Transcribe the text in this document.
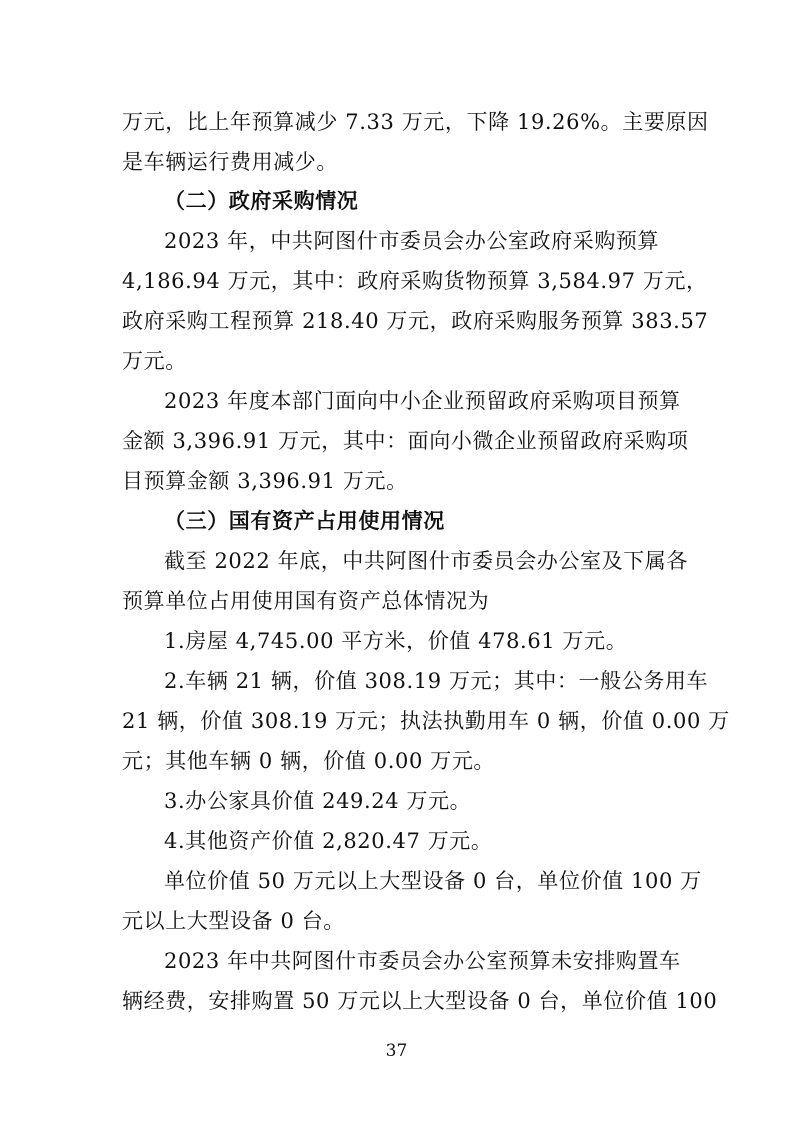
万元，比上年预算减少 7.33 万元，下降 19.26%。主要原因
是车辆运行费用减少。
（二）政府采购情况
2023 年，中共阿图什市委员会办公室政府采购预算
4,186.94 万元，其中：政府采购货物预算 3,584.97 万元，
政府采购工程预算 218.40 万元，政府采购服务预算 383.57
万元。
2023 年度本部门面向中小企业预留政府采购项目预算
金额 3,396.91 万元，其中：面向小微企业预留政府采购项
目预算金额 3,396.91 万元。
（三）国有资产占用使用情况
截至 2022 年底，中共阿图什市委员会办公室及下属各
预算单位占用使用国有资产总体情况为
1.房屋 4,745.00 平方米，价值 478.61 万元。
2.车辆 21 辆，价值 308.19 万元；其中：一般公务用车
21 辆，价值 308.19 万元；执法执勤用车 0 辆，价值 0.00 万
元；其他车辆 0 辆，价值 0.00 万元。
3.办公家具价值 249.24 万元。
4.其他资产价值 2,820.47 万元。
单位价值 50 万元以上大型设备 0 台，单位价值 100 万
元以上大型设备 0 台。
2023 年中共阿图什市委员会办公室预算未安排购置车
辆经费，安排购置 50 万元以上大型设备 0 台，单位价值 100
37
